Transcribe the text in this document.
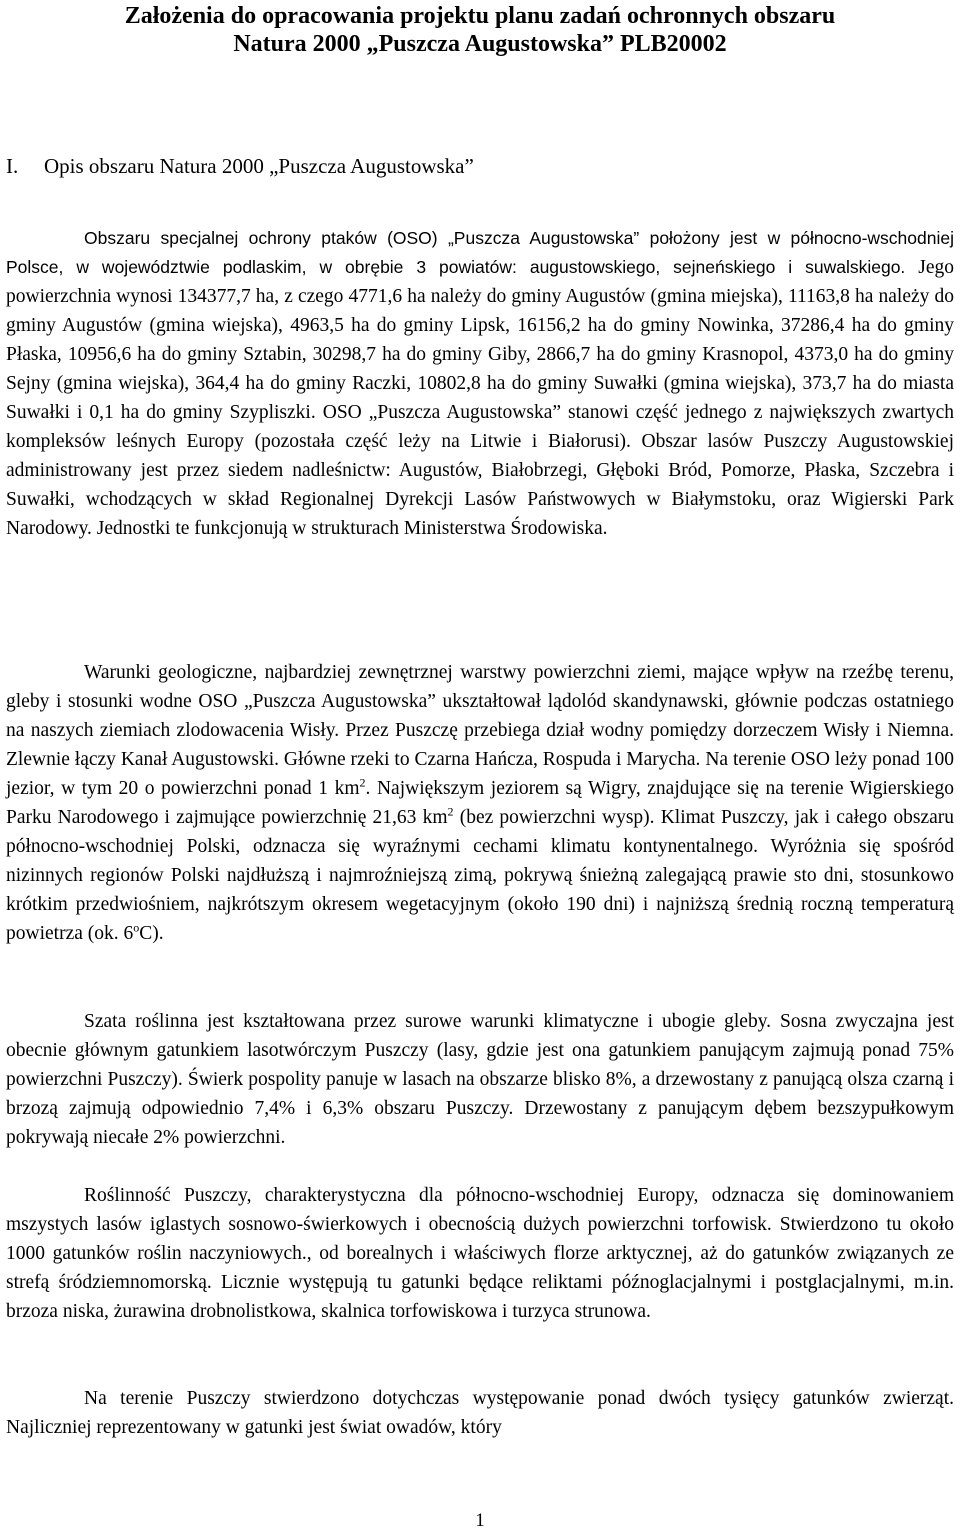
Założenia do opracowania projektu planu zadań ochronnych obszaru
Natura 2000 „Puszcza Augustowska” PLB20002
I. Opis obszaru Natura 2000 „Puszcza Augustowska”

Obszaru specjalnej ochrony ptaków (OSO) „Puszcza Augustowska” położony jest w północno-wschodniej Polsce, w województwie podlaskim, w obrębie 3 powiatów: augustowskiego, sejneńskiego i suwalskiego. Jego powierzchnia wynosi 134377,7 ha, z czego 4771,6 ha należy do gminy Augustów (gmina miejska), 11163,8 ha należy do gminy Augustów (gmina wiejska), 4963,5 ha do gminy Lipsk, 16156,2 ha do gminy Nowinka, 37286,4 ha do gminy Płaska, 10956,6 ha do gminy Sztabin, 30298,7 ha do gminy Giby, 2866,7 ha do gminy Krasnopol, 4373,0 ha do gminy Sejny (gmina wiejska), 364,4 ha do gminy Raczki, 10802,8 ha do gminy Suwałki (gmina wiejska), 373,7 ha do miasta Suwałki i 0,1 ha do gminy Szypliszki. OSO „Puszcza Augustowska” stanowi część jednego z największych zwartych kompleksów leśnych Europy (pozostała część leży na Litwie i Białorusi). Obszar lasów Puszczy Augustowskiej administrowany jest przez siedem nadleśnictw: Augustów, Białobrzegi, Głęboki Bród, Pomorze, Płaska, Szczebra i Suwałki, wchodzących w skład Regionalnej Dyrekcji Lasów Państwowych w Białymstoku, oraz Wigierski Park Narodowy. Jednostki te funkcjonują w strukturach Ministerstwa Środowiska.

Warunki geologiczne, najbardziej zewnętrznej warstwy powierzchni ziemi, mające wpływ na rzeźbę terenu, gleby i stosunki wodne OSO „Puszcza Augustowska” ukształtował lądolód skandynawski, głównie podczas ostatniego na naszych ziemiach zlodowacenia Wisły. Przez Puszczę przebiega dział wodny pomiędzy dorzeczem Wisły i Niemna. Zlewnie łączy Kanał Augustowski. Główne rzeki to Czarna Hańcza, Rospuda i Marycha. Na terenie OSO leży ponad 100 jezior, w tym 20 o powierzchni ponad 1 $km^2$. Największym jeziorem są Wigry, znajdujące się na terenie Wigierskiego Parku Narodowego i zajmujące powierzchnię 21,63 $km^2$ (bez powierzchni wysp). Klimat Puszczy, jak i całego obszaru północno-wschodniej Polski, odznacza się wyraźnymi cechami klimatu kontynentalnego. Wyróżnia się spośród nizinnych regionów Polski najdłuższą i najmroźniejszą zimą, pokrywą śnieżną zalegającą prawie sto dni, stosunkowo krótkim przedwiośniem, najkrótszym okresem wegetacyjnym (około 190 dni) i najniższą średnią roczną temperaturą powietrza (ok. 6$^o$C).

Szata roślinna jest kształtowana przez surowe warunki klimatyczne i ubogie gleby. Sosna zwyczajna jest obecnie głównym gatunkiem lasotwórczym Puszczy (lasy, gdzie jest ona gatunkiem panującym zajmują ponad 75% powierzchni Puszczy). Świerk pospolity panuje w lasach na obszarze blisko 8%, a drzewostany z panującą olsza czarną i brzozą zajmują odpowiednio 7,4% i 6,3% obszaru Puszczy. Drzewostany z panującym dębem bezszypułkowym pokrywają niecałe 2% powierzchni.

Roślinność Puszczy, charakterystyczna dla północno-wschodniej Europy, odznacza się dominowaniem mszystych lasów iglastych sosnowo-świerkowych i obecnością dużych powierzchni torfowisk. Stwierdzono tu około 1000 gatunków roślin naczyniowych., od borealnych i właściwych florze arktycznej, aż do gatunków związanych ze strefą śródziemnomorską. Licznie występują tu gatunki będące reliktami późnoglacjalnymi i postglacjalnymi, m.in. brzoza niska, żurawina drobnolistkowa, skalnica torfowiskowa i turzyca strunowa.

Na terenie Puszczy stwierdzono dotychczas występowanie ponad dwóch tysięcy gatunków zwierząt. Najliczniej reprezentowany w gatunki jest świat owadów, który

1
